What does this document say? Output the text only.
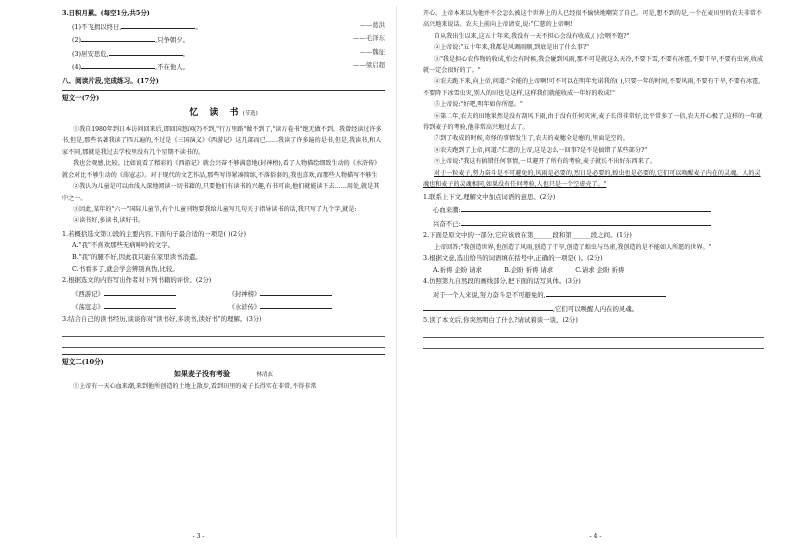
3.日积月累。(每空1分,共5分)
(1)不飞揖以终日,	。	——葛洪
(2)	,只争朝夕。	——毛泽东
(3)居安思危,	。	——魏征
(4)	,不在他人。	——梁启超
八、阅读片段,完成练习。(17分)
短文一(7分)
忆 读 书(节选)
①我自1980年到日本访问回来后,即回国悠闲(?)不到,"行万里路"做不到了,"读万卷书"绝无做不到。我曾经读过许多书,但是,那些名著我读了四五遍的,不过是《三国演义》《西游记》这几部而已……我读了许多遍的是书,但是,我读书,和人家不同,那就是我过去学校里没有几个星期不读书的。
我也会观感,比较。比如说看了精彩的《西游记》就会兴奋不够满意地(封神榜),看了人物描绘细致生动的《水浒传》就会对比不够生动的《荡寇志》。对于现代的文艺作品,那些写得紧凑简练,不落俗套的,我也喜欢,而那些人物描写不够生
②我认为儿童是可以由浅入深地阅读一切书籍的,只要他们有读书的兴趣,有书可读,他们就能读下去……用处,就是其中之一。
③因此,某年的"六一"国际儿童节,有个儿童刊物要我给儿童写几句关于指导读书的话,我只写了九个字,就是:
④读书好,多读书,读好书。
1.若概括选文第①段的主要内容,下面句子最合适的一项是( )(2分)
A."我"不喜欢那些无病呻吟的文字。
B."我"的腿不好,因此我只能在家里读书消遣。
C.书看多了,就会学会辨别真伪,比较。
2.根据选文的内容写出作者对下列书籍的评价。(2分)
《西游记》	《封神榜》
《荡寇志》	《水浒传》
3.结合自己的读书经历,谈谈你对"读书好,多读书,读好书"的理解。(3分)
短文二(10分)
如果麦子没有考验	林清玄
①上帝有一天心血来潮,来到他所创造的土地上散步,看到田里的麦子长得实在非常,不得非常
- 3 -
开心。上帝本来以为他并不会怎么被这个世界上的人已经很不愉快地嘲笑了自己。可是,想不到的是,一个在麦田里的农夫非常不高兴地来说话。农夫上前向上帝请安,说:"仁慈的上帝啊!
自从我出生以来,这五十年来,我没有一天不担心会没有收成,( )会喂不饱?"
②上帝说:"五十年来,我都是风调雨顺,到底是出了什么事?"
③"我是担心农作物的收成,怕会有时候,我会碰到风雨,那不可是就这么天冷,不要下雪,不要有冰雹,不要干旱,不要有虫害,收成就一定会很好的了。"
④农夫跪下来,向上帝,问道:"全能的上帝啊!可不可以在明年允诺我的( ),只要一年的时间,不要风雨,不要有干旱,不要有冰雹,不要降下冰雪虫灾,别人的田也是这样,这样我们就能收成一年好的收成!"
⑤上帝说:"好吧,明年如你所愿。"
⑥第二年,农夫的田地果然是没有刮风下雨,由于没有任何灾害,麦子长得非常好,比平常多了一倍,农夫开心极了,这样的一年就得到麦子的考验,他非常高兴地过去了。
⑦到了收成的时候,奇怪的事情发生了,农夫的麦穗全是瘪的,里面是空的。
⑧农夫跑到了上帝,问道:"仁慈的上帝,这是怎么一回事?是不是搞错了某些部分?"
⑨上帝说:"我这有搞错任何事情,一旦避开了所有的考验,麦子就长不出好东西来了。
对于一粒麦子,努力奋斗是不可避免的,风雨是必要的,烈日是必要的,蝗虫也是必要的,它们可以唤醒麦子内在的灵魂。人的灵魂也和麦子的灵魂相同,如果没有任何考验,人也只是一个空虚壳了。"
1.联系上下文,理解文中加点词语的意思。(2分)
心血来潮:
兴奋不已:
2.下面是原文中的一部分,它应该放在第______段和第______段之间。(1分)
上帝回答:"我创造世界,也创造了风雨,创造了干旱,创造了蝗虫与鸟雀,我创造的是不能如人所愿的世界。"
3.根据文意,选出恰当的词语填在括号中,正确的一项是( )。(2分)
A.祈祷 企盼 请求	B.企盼 祈祷 请求	C.请求 企盼 祈祷
4.仿照第九自然段的画线部分,把下面的话写具体。(3分)
对于一个人来说,努力奋斗是不可避免的,
,它们可以唤醒人内在的灵魂。
5.读了本文后,你突然明白了什么?请试着谈一谈。(2分)
- 4 -
